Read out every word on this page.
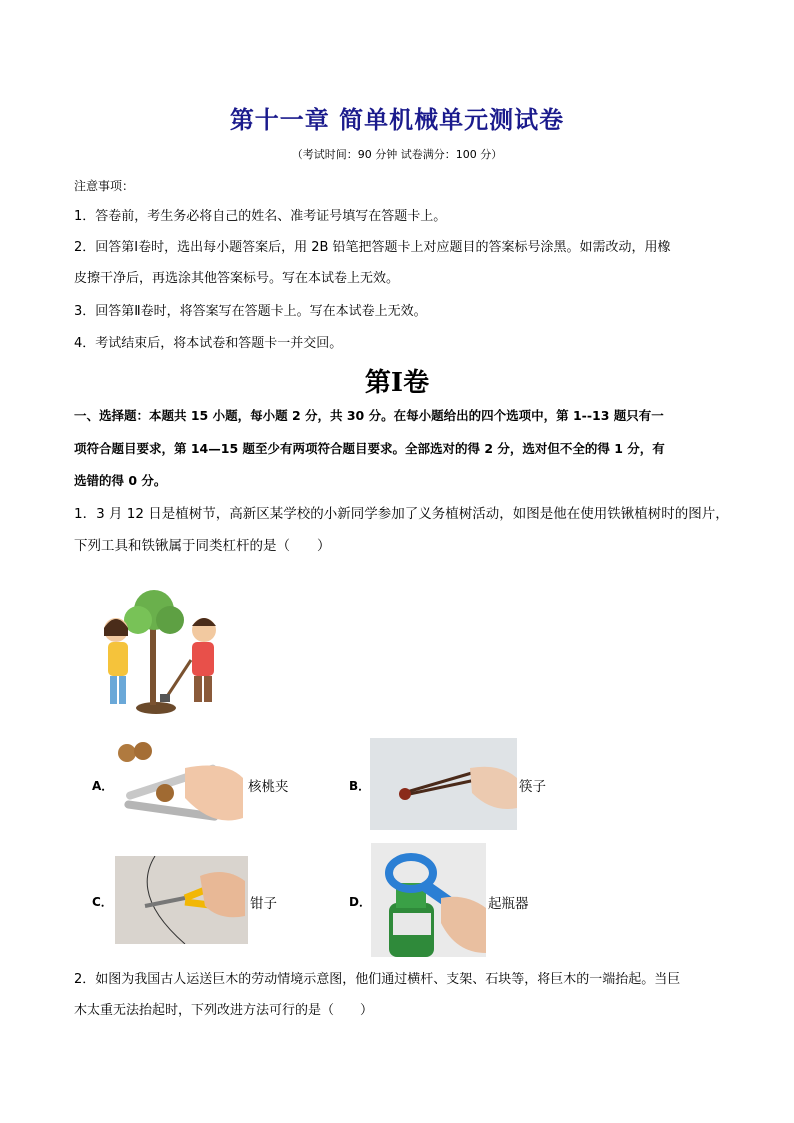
第十一章 简单机械单元测试卷
（考试时间：90 分钟 试卷满分：100 分）
注意事项：
1．答卷前，考生务必将自己的姓名、准考证号填写在答题卡上。
2．回答第Ⅰ卷时，选出每小题答案后，用 2B 铅笔把答题卡上对应题目的答案标号涂黑。如需改动，用橡
皮擦干净后，再选涂其他答案标号。写在本试卷上无效。
3．回答第Ⅱ卷时，将答案写在答题卡上。写在本试卷上无效。
4．考试结束后，将本试卷和答题卡一并交回。
第Ⅰ卷
一、选择题：本题共 15 小题，每小题 2 分，共 30 分。在每小题给出的四个选项中，第 1--13 题只有一
项符合题目要求，第 14—15 题至少有两项符合题目要求。全部选对的得 2 分，选对但不全的得 1 分，有
选错的得 0 分。
1．3 月 12 日是植树节，高新区某学校的小新同学参加了义务植树活动，如图是他在使用铁锹植树时的图片，
下列工具和铁锹属于同类杠杆的是（　　）
A．	核桃夹	B．	筷子
C．	钳子	D．	起瓶器
2．如图为我国古人运送巨木的劳动情境示意图，他们通过横杆、支架、石块等，将巨木的一端抬起。当巨
木太重无法抬起时，下列改进方法可行的是（　　）
